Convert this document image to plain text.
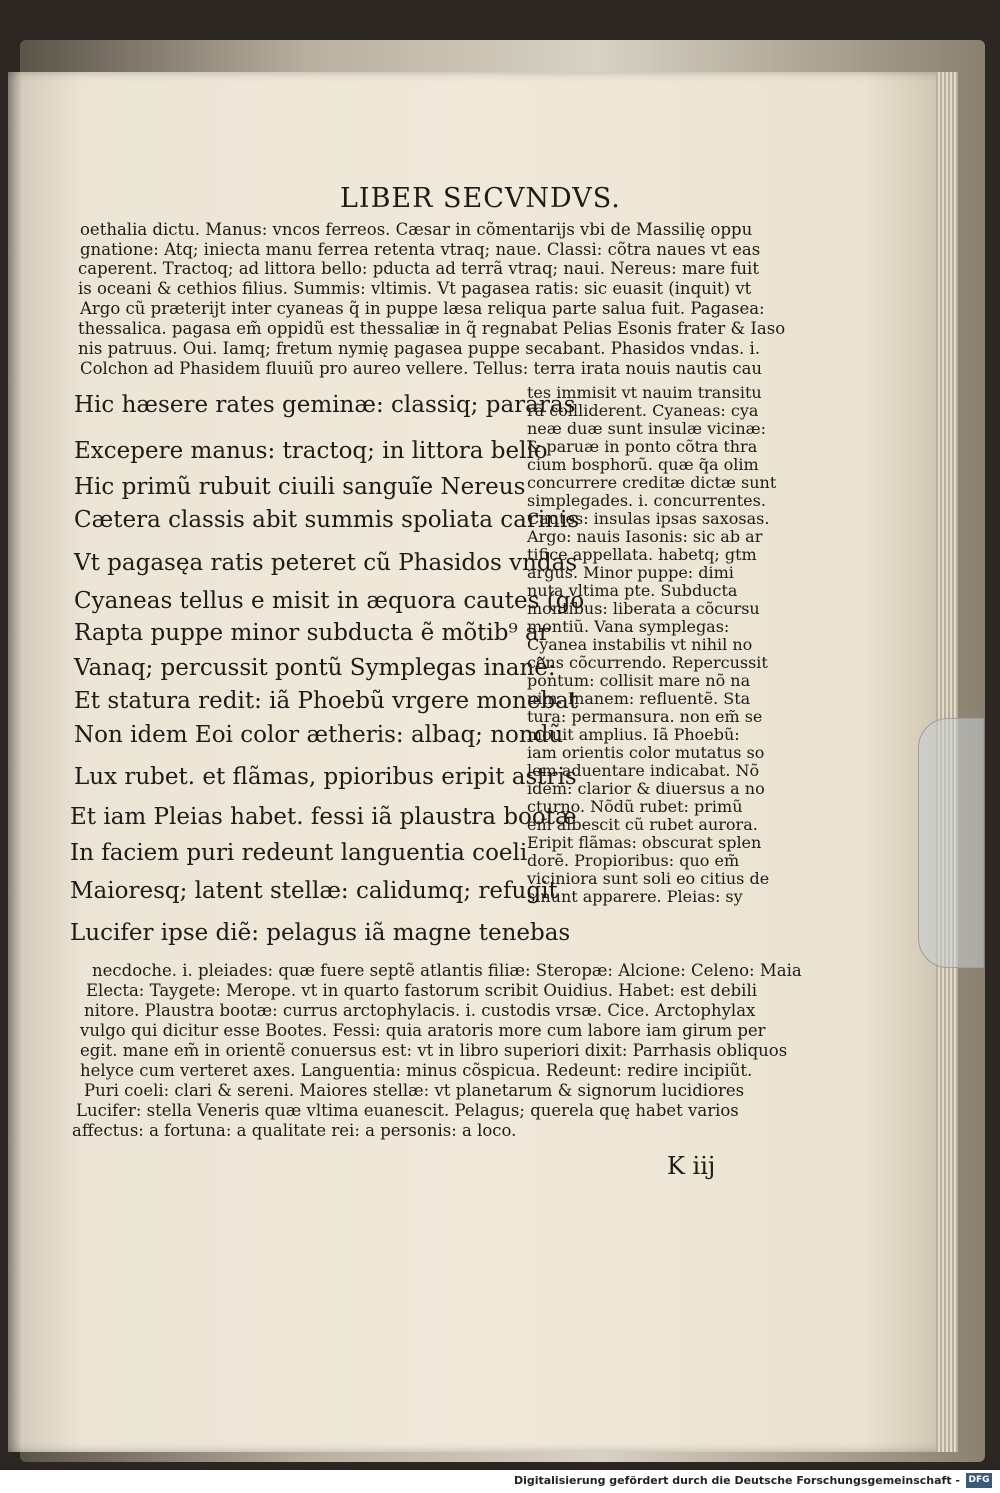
LIBER SECVNDVS.
oethalia dictu. Manus: vncos ferreos. Cæsar in cõmentarijs vbi de Massilię oppu
gnatione: Atq; iniecta manu ferrea retenta vtraq; naue. Classi: cõtra naues vt eas
caperent. Tractoq; ad littora bello: pducta ad terrã vtraq; naui. Nereus: mare fuit
is oceani & cethios filius. Summis: vltimis. Vt pagasea ratis: sic euasit (inquit) vt
Argo cũ præterijt inter cyaneas q̃ in puppe læsa reliqua parte salua fuit. Pagasea:
thessalica. pagasa em̃ oppidũ est thessaliæ in q̃ regnabat Pelias Esonis frater & Iaso
nis patruus. Oui. Iamq; fretum nymię pagasea puppe secabant. Phasidos vndas. i.
Colchon ad Phasidem fluuiũ pro aureo vellere. Tellus: terra irata nouis nautis cau
Hic hæsere rates geminæ: classiq; pararas
Excepere manus: tractoq; in littora bello
Hic primũ rubuit ciuili sanguĩe Nereus
Cætera classis abit summis spoliata carinis
Vt pagasęa ratis peteret cũ Phasidos vndas
Cyaneas tellus e misit in æquora cautes (go
Rapta puppe minor subducta ẽ mõtib⁹ ar
Vanaq; percussit pontũ Symplegas inanẽ:
Et statura redit: iã Phoebũ vrgere monebat
Non idem Eoi color ætheris: albaq; nondũ
Lux rubet. et flãmas, ppioribus eripit astris
Et iam Pleias habet. fessi iã plaustra bootæ
In faciem puri redeunt languentia coeli
Maioresq; latent stellæ: calidumq; refugit
Lucifer ipse diẽ: pelagus iã magne tenebas
tes immisit vt nauim transitu
rã collliderent. Cyaneas: cya
neæ duæ sunt insulæ vicinæ:
& paruæ in ponto cõtra thra
cium bosphorũ. quæ q̃a olim
concurrere creditæ dictæ sunt
simplegades. i. concurrentes.
Cautes: insulas ipsas saxosas.
Argo: nauis Iasonis: sic ab ar
tifice appellata. habetq; gtm
argus. Minor puppe: dimi
nuta vltima pte. Subducta
montibus: liberata a cõcursu
montiũ. Vana symplegas:
Cyanea instabilis vt nihil no
cens cõcurrendo. Repercussit
pontum: collisit mare nõ na
uim. Inanem: refluentẽ. Sta
tura: permansura. non em̃ se
mouit amplius. Iã Phoebũ:
iam orientis color mutatus so
lem aduentare indicabat. Nõ
idem: clarior & diuersus a no
cturno. Nõdũ rubet: primũ
em̃ albescit cũ rubet aurora.
Eripit flãmas: obscurat splen
dorẽ. Propioribus: quo em̃
viciniora sunt soli eo citius de
sinunt apparere. Pleias: sy
necdoche. i. pleiades: quæ fuere septẽ atlantis filiæ: Steropæ: Alcione: Celeno: Maia
Electa: Taygete: Merope. vt in quarto fastorum scribit Ouidius. Habet: est debili
nitore. Plaustra bootæ: currus arctophylacis. i. custodis vrsæ. Cice. Arctophylax
vulgo qui dicitur esse Bootes. Fessi: quia aratoris more cum labore iam girum per
egit. mane em̃ in orientẽ conuersus est: vt in libro superiori dixit: Parrhasis obliquos
helyce cum verteret axes. Languentia: minus cõspicua. Redeunt: redire incipiũt.
Puri coeli: clari & sereni. Maiores stellæ: vt planetarum & signorum lucidiores
Lucifer: stella Veneris quæ vltima euanescit. Pelagus; querela quę habet varios
affectus: a fortuna: a qualitate rei: a personis: a loco.
K iij
Digitalisierung gefördert durch die Deutsche Forschungsgemeinschaft - DFG
